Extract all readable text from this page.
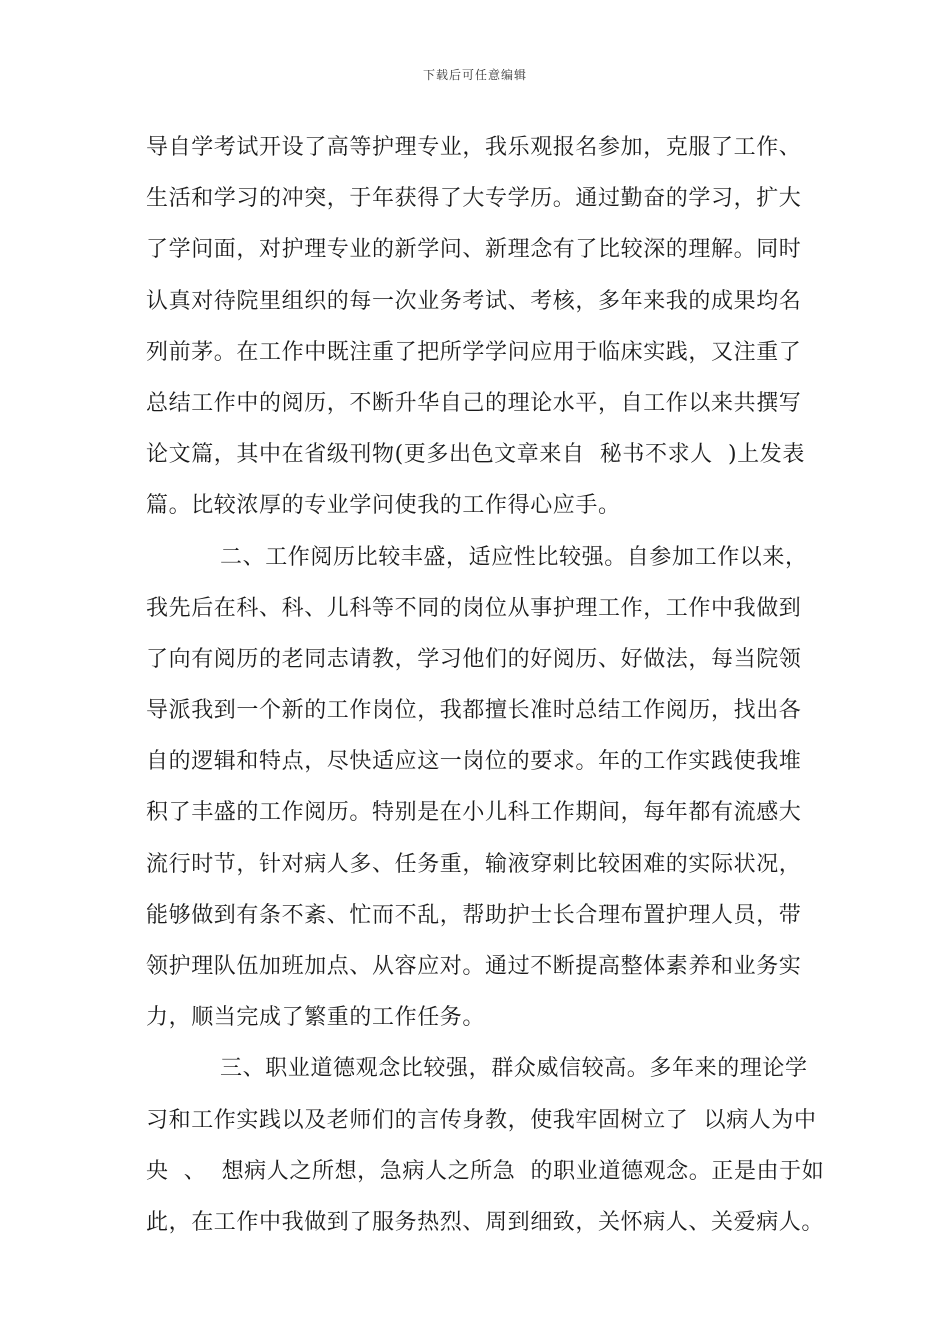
下载后可任意编辑
导自学考试开设了高等护理专业，我乐观报名参加，克服了工作、
生活和学习的冲突，于年获得了大专学历。通过勤奋的学习，扩大
了学问面，对护理专业的新学问、新理念有了比较深的理解。同时
认真对待院里组织的每一次业务考试、考核，多年来我的成果均名
列前茅。在工作中既注重了把所学学问应用于临床实践，又注重了
总结工作中的阅历，不断升华自己的理论水平，自工作以来共撰写
论文篇，其中在省级刊物(更多出色文章来自  秘书不求人  )上发表
篇。比较浓厚的专业学问使我的工作得心应手。
二、工作阅历比较丰盛，适应性比较强。自参加工作以来，
我先后在科、科、儿科等不同的岗位从事护理工作，工作中我做到
了向有阅历的老同志请教，学习他们的好阅历、好做法，每当院领
导派我到一个新的工作岗位，我都擅长准时总结工作阅历，找出各
自的逻辑和特点，尽快适应这一岗位的要求。年的工作实践使我堆
积了丰盛的工作阅历。特别是在小儿科工作期间，每年都有流感大
流行时节，针对病人多、任务重，输液穿刺比较困难的实际状况，
能够做到有条不紊、忙而不乱，帮助护士长合理布置护理人员，带
领护理队伍加班加点、从容应对。通过不断提高整体素养和业务实
力，顺当完成了繁重的工作任务。
三、职业道德观念比较强，群众威信较高。多年来的理论学
习和工作实践以及老师们的言传身教，使我牢固树立了  以病人为中
央  、  想病人之所想，急病人之所急  的职业道德观念。正是由于如
此，在工作中我做到了服务热烈、周到细致，关怀病人、关爱病人。
